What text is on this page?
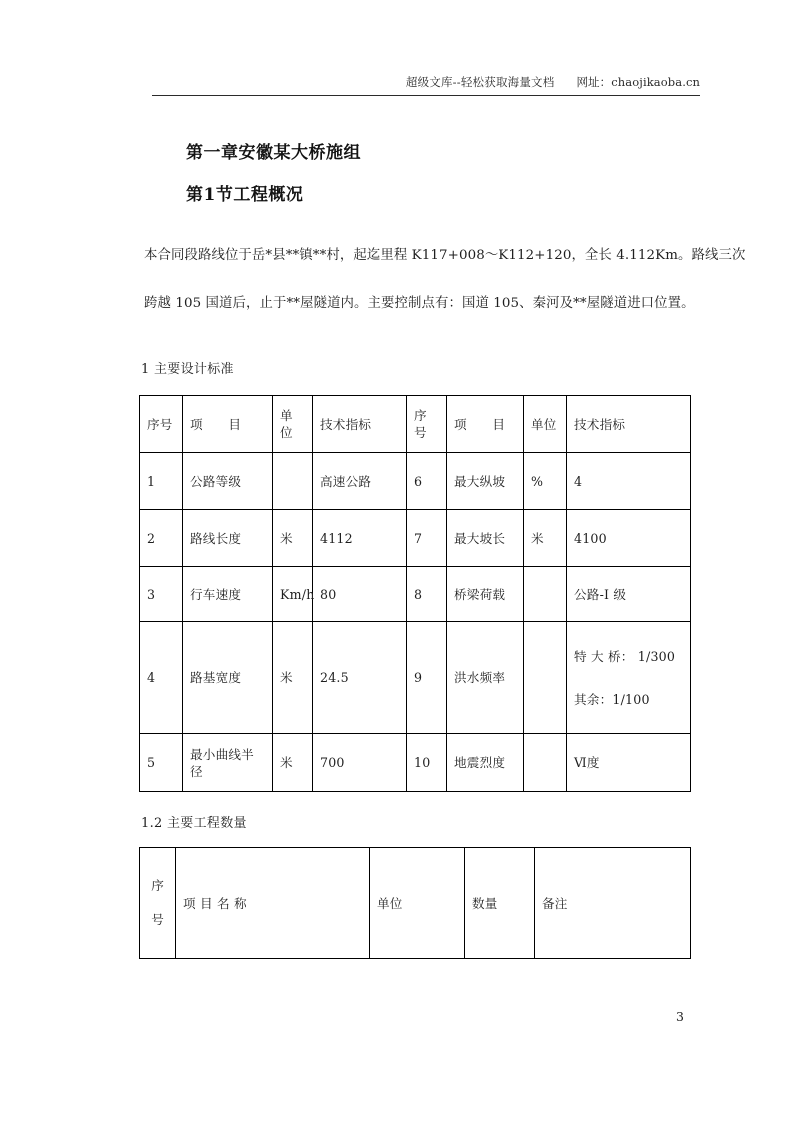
超级文库--轻松获取海量文档 网址：chaojikaoba.cn
第一章安徽某大桥施组
第1节工程概况
本合同段路线位于岳*县**镇**村，起迄里程 K117+008～K112+120，全长 4.112Km。路线三次
跨越 105 国道后，止于**屋隧道内。主要控制点有：国道 105、秦河及**屋隧道进口位置。
1 主要设计标准
序号	项　　目	单位	技术指标	序号	项　　目	单位	技术指标
1	公路等级		高速公路	6	最大纵坡	%	4
2	路线长度	米	4112	7	最大坡长	米	4100
3	行车速度	Km/h	80	8	桥梁荷载		公路-I 级
4	路基宽度	米	24.5	9	洪水频率		特 大 桥： 1/300
其余：1/100

5	最小曲线半径	米	700	10	地震烈度		Ⅵ度
1.2 主要工程数量
序
号
	项 目 名 称	单位	数量	备注
3
